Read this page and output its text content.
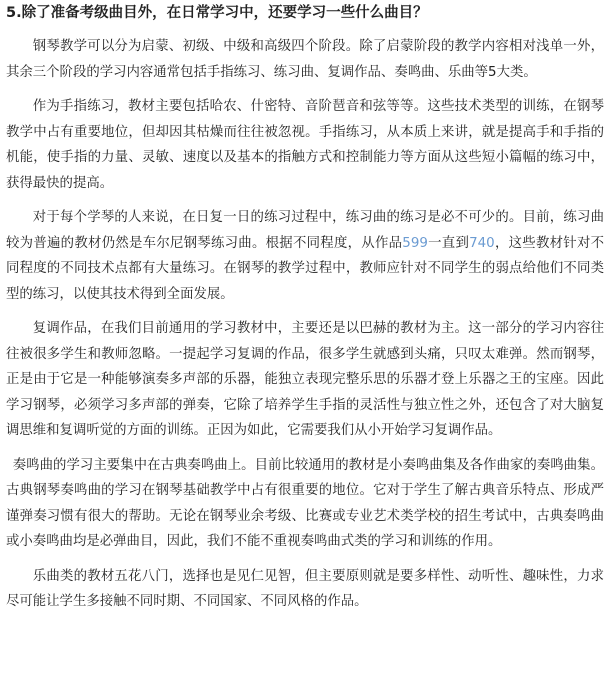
5.除了准备考级曲目外，在日常学习中，还要学习一些什么曲目？

钢琴教学可以分为启蒙、初级、中级和高级四个阶段。除了启蒙阶段的教学内容相对浅单一外，其余三个阶段的学习内容通常包括手指练习、练习曲、复调作品、奏鸣曲、乐曲等5大类。

作为手指练习，教材主要包括哈农、什密特、音阶琶音和弦等等。这些技术类型的训练，在钢琴教学中占有重要地位，但却因其枯燥而往往被忽视。手指练习，从本质上来讲，就是提高手和手指的机能，使手指的力量、灵敏、速度以及基本的指触方式和控制能力等方面从这些短小篇幅的练习中，获得最快的提高。

对于每个学琴的人来说，在日复一日的练习过程中，练习曲的练习是必不可少的。目前，练习曲较为普遍的教材仍然是车尔尼钢琴练习曲。根据不同程度，从作品599一直到740，这些教材针对不同程度的不同技术点都有大量练习。在钢琴的教学过程中，教师应针对不同学生的弱点给他们不同类型的练习，以使其技术得到全面发展。

复调作品，在我们目前通用的学习教材中，主要还是以巴赫的教材为主。这一部分的学习内容往往被很多学生和教师忽略。一提起学习复调的作品，很多学生就感到头痛，只叹太难弹。然而钢琴，正是由于它是一种能够演奏多声部的乐器，能独立表现完整乐思的乐器才登上乐器之王的宝座。因此学习钢琴，必须学习多声部的弹奏，它除了培养学生手指的灵活性与独立性之外，还包含了对大脑复调思维和复调听觉的方面的训练。正因为如此，它需要我们从小开始学习复调作品。

奏鸣曲的学习主要集中在古典奏鸣曲上。目前比较通用的教材是小奏鸣曲集及各作曲家的奏鸣曲集。古典钢琴奏鸣曲的学习在钢琴基础教学中占有很重要的地位。它对于学生了解古典音乐特点、形成严谨弹奏习惯有很大的帮助。无论在钢琴业余考级、比赛或专业艺术类学校的招生考试中，古典奏鸣曲或小奏鸣曲均是必弹曲目，因此，我们不能不重视奏鸣曲式类的学习和训练的作用。

乐曲类的教材五花八门，选择也是见仁见智，但主要原则就是要多样性、动听性、趣味性，力求尽可能让学生多接触不同时期、不同国家、不同风格的作品。
